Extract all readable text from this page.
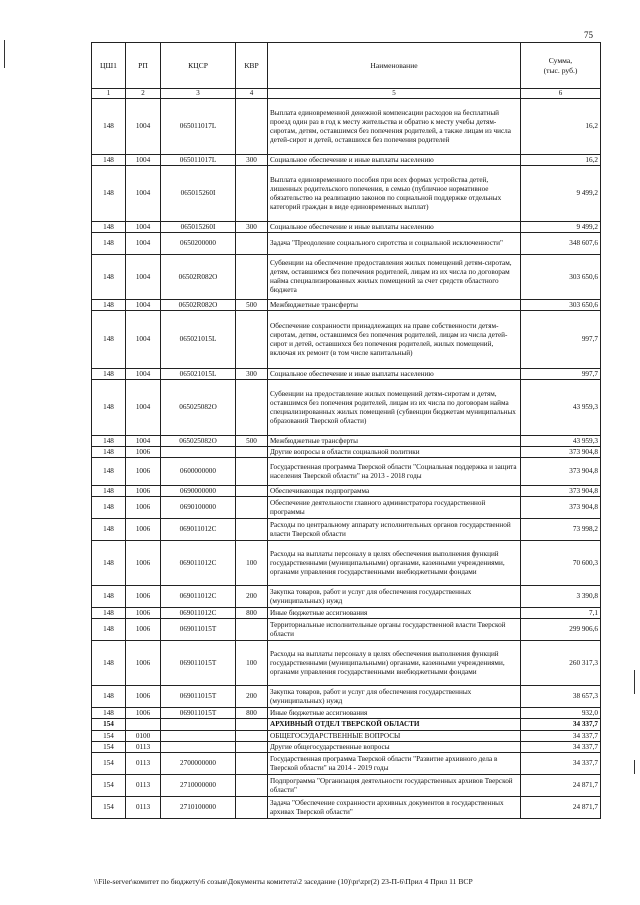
75
ЦШ1	РП	КЦСР	КВР	Наименование	Сумма,
(тыс. руб.)

1	2	3	4	5	6
148	1004	065011017L		Выплата единовременной денежной компенсации расходов на бесплатный проезд один раз в год к месту жительства и обратно к месту учебы детям-сиротам, детям, оставшимся без попечения родителей, а также лицам из числа детей-сирот и детей, оставшихся без попечения родителей	16,2
148	1004	065011017L	300	Социальное обеспечение и иные выплаты населению	16,2
148	1004	065015260I		Выплата единовременного пособия при всех формах устройства детей, лишенных родительского попечения, в семью (публичное нормативное обязательство на реализацию законов по социальной поддержке отдельных категорий граждан в виде единовременных выплат)	9 499,2
148	1004	065015260I	300	Социальное обеспечение и иные выплаты населению	9 499,2
148	1004	0650200000		Задача "Преодоление социального сиротства и социальной исключенности"	348 607,6
148	1004	06502R082O		Субвенции на обеспечение предоставления жилых помещений детям-сиротам, детям, оставшимся без попечения родителей, лицам из их числа по договорам найма специализированных жилых помещений за счет средств областного бюджета	303 650,6
148	1004	06502R082O	500	Межбюджетные трансферты	303 650,6
148	1004	065021015L		Обеспечение сохранности принадлежащих на праве собственности детям-сиротам, детям, оставшимся без попечения родителей, лицам из числа детей-сирот и детей, оставшихся без попечения родителей, жилых помещений, включая их ремонт (в том числе капитальный)	997,7
148	1004	065021015L	300	Социальное обеспечение и иные выплаты населению	997,7
148	1004	065025082O		Субвенции на предоставление жилых помещений детям-сиротам и детям, оставшимся без попечения родителей, лицам из их числа по договорам найма специализированных жилых помещений (субвенции бюджетам муниципальных образований Тверской области)	43 959,3
148	1004	065025082O	500	Межбюджетные трансферты	43 959,3
148	1006			Другие вопросы в области социальной политики	373 904,8
148	1006	0600000000		Государственная программа Тверской области "Социальная поддержка и защита населения Тверской области" на 2013 - 2018 годы	373 904,8
148	1006	0690000000		Обеспечивающая подпрограмма	373 904,8
148	1006	0690100000		Обеспечение деятельности главного администратора государственной программы	373 904,8
148	1006	069011012C		Расходы по центральному аппарату исполнительных органов государственной власти Тверской области	73 998,2
148	1006	069011012C	100	Расходы на выплаты персоналу в целях обеспечения выполнения функций государственными (муниципальными) органами, казенными учреждениями, органами управления государственными внебюджетными фондами	70 600,3
148	1006	069011012C	200	Закупка товаров, работ и услуг для обеспечения государственных (муниципальных) нужд	3 390,8
148	1006	069011012C	800	Иные бюджетные ассигнования	7,1
148	1006	069011015T		Территориальные исполнительные органы государственной власти Тверской области	299 906,6
148	1006	069011015T	100	Расходы на выплаты персоналу в целях обеспечения выполнения функций государственными (муниципальными) органами, казенными учреждениями, органами управления государственными внебюджетными фондами	260 317,3
148	1006	069011015T	200	Закупка товаров, работ и услуг для обеспечения государственных (муниципальных) нужд	38 657,3
148	1006	069011015T	800	Иные бюджетные ассигнования	932,0
154				АРХИВНЫЙ ОТДЕЛ ТВЕРСКОЙ ОБЛАСТИ	34 337,7
154	0100			ОБЩЕГОСУДАРСТВЕННЫЕ ВОПРОСЫ	34 337,7
154	0113			Другие общегосударственные вопросы	34 337,7
154	0113	2700000000		Государственная программа Тверской области "Развитие архивного дела в Тверской области" на 2014 - 2019 годы	34 337,7
154	0113	2710000000		Подпрограмма "Организация деятельности государственных архивов Тверской области"	24 871,7
154	0113	2710100000		Задача "Обеспечение сохранности архивных документов в государственных архивах Тверской области"	24 871,7
\\File-server\комитет по бюджету\6 созыв\Документы комитета\2 заседание (10)\pr\zpr(2) 23-П-6\Прил 4 Прил 11 ВСР
